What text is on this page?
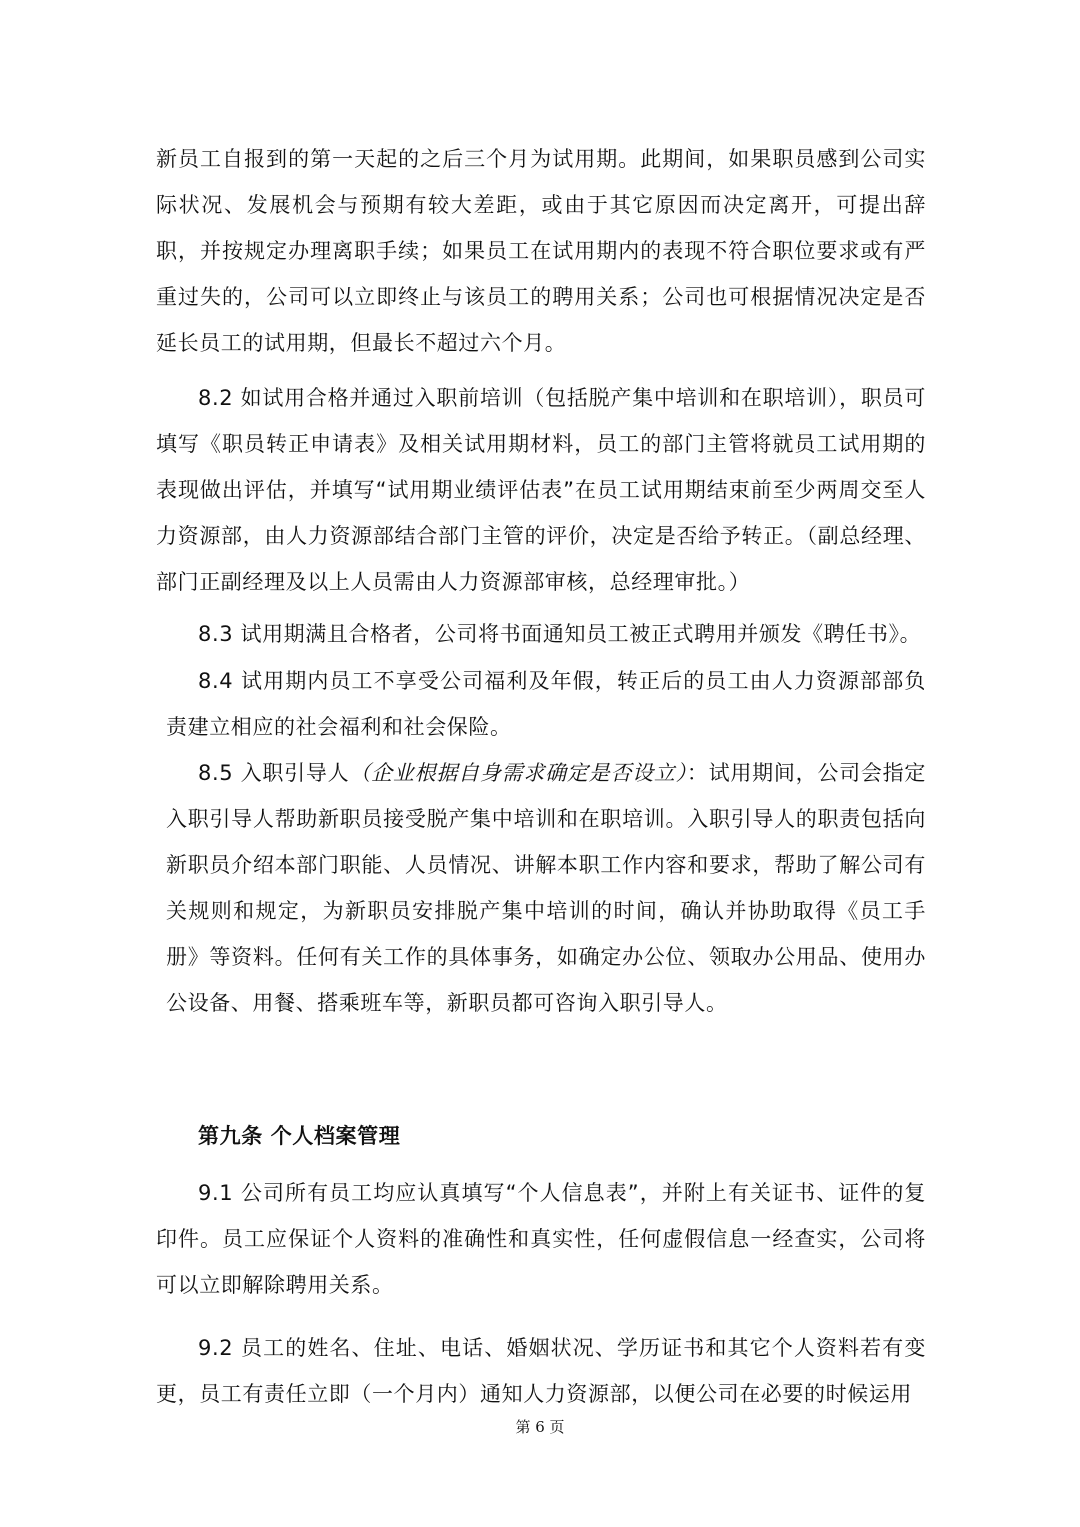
新员工自报到的第一天起的之后三个月为试用期。此期间，如果职员感到公司实际状况、发展机会与预期有较大差距，或由于其它原因而决定离开，可提出辞职，并按规定办理离职手续；如果员工在试用期内的表现不符合职位要求或有严重过失的，公司可以立即终止与该员工的聘用关系；公司也可根据情况决定是否延长员工的试用期，但最长不超过六个月。

8.2 如试用合格并通过入职前培训（包括脱产集中培训和在职培训），职员可填写《职员转正申请表》及相关试用期材料，员工的部门主管将就员工试用期的表现做出评估，并填写“试用期业绩评估表”在员工试用期结束前至少两周交至人力资源部，由人力资源部结合部门主管的评价，决定是否给予转正。（副总经理、部门正副经理及以上人员需由人力资源部审核，总经理审批。）

8.3 试用期满且合格者，公司将书面通知员工被正式聘用并颁发《聘任书》。

8.4 试用期内员工不享受公司福利及年假，转正后的员工由人力资源部部负责建立相应的社会福利和社会保险。

8.5 入职引导人（企业根据自身需求确定是否设立）：试用期间，公司会指定入职引导人帮助新职员接受脱产集中培训和在职培训。入职引导人的职责包括向新职员介绍本部门职能、人员情况、讲解本职工作内容和要求，帮助了解公司有关规则和规定，为新职员安排脱产集中培训的时间，确认并协助取得《员工手册》等资料。任何有关工作的具体事务，如确定办公位、领取办公用品、使用办公设备、用餐、搭乘班车等，新职员都可咨询入职引导人。

第九条 个人档案管理

9.1 公司所有员工均应认真填写“个人信息表”，并附上有关证书、证件的复印件。员工应保证个人资料的准确性和真实性，任何虚假信息一经查实，公司将可以立即解除聘用关系。

9.2 员工的姓名、住址、电话、婚姻状况、学历证书和其它个人资料若有变更，员工有责任立即（一个月内）通知人力资源部，以便公司在必要的时候运用

第 6 页
